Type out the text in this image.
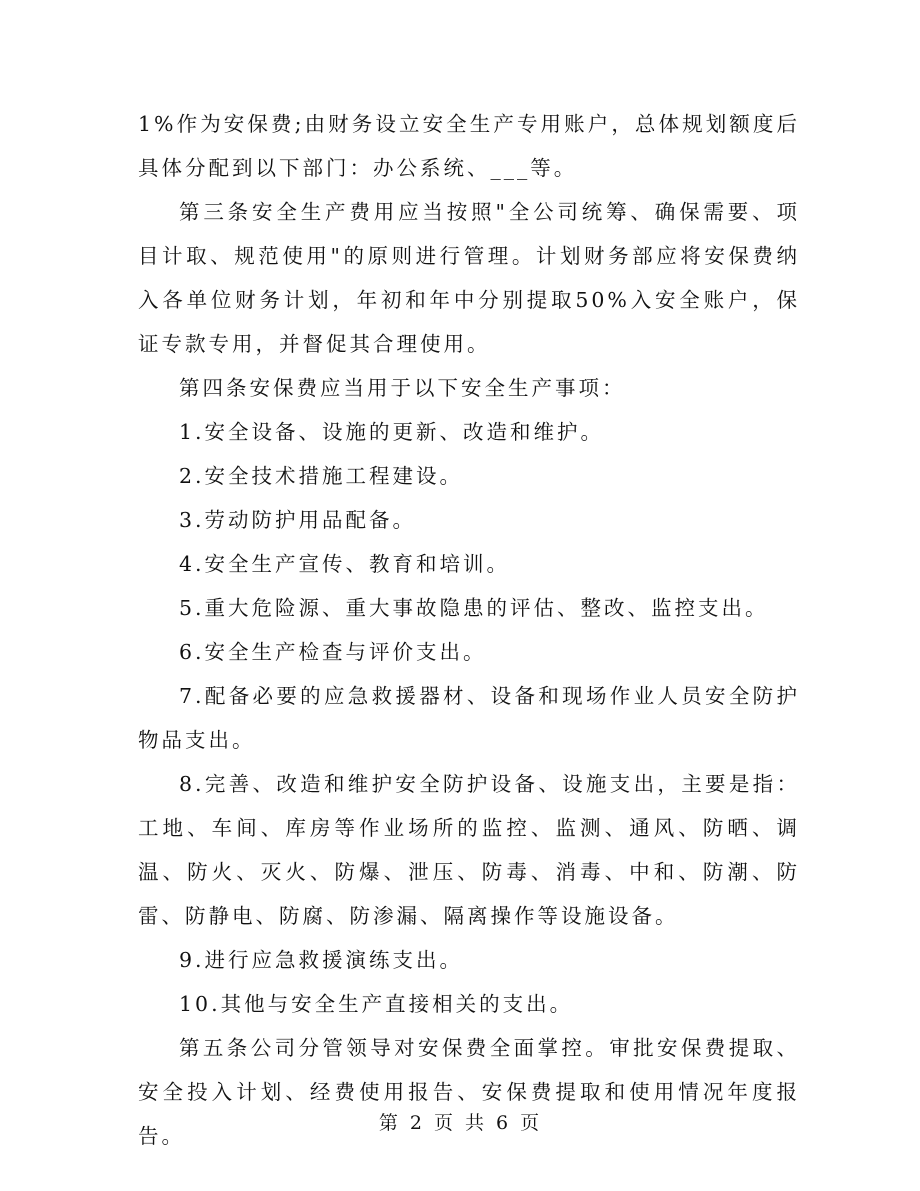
1%作为安保费;由财务设立安全生产专用账户，总体规划额度后具体分配到以下部门：办公系统、___等。

第三条安全生产费用应当按照"全公司统筹、确保需要、项目计取、规范使用"的原则进行管理。计划财务部应将安保费纳入各单位财务计划，年初和年中分别提取50%入安全账户，保证专款专用，并督促其合理使用。

第四条安保费应当用于以下安全生产事项：

1.安全设备、设施的更新、改造和维护。

2.安全技术措施工程建设。

3.劳动防护用品配备。

4.安全生产宣传、教育和培训。

5.重大危险源、重大事故隐患的评估、整改、监控支出。

6.安全生产检查与评价支出。

7.配备必要的应急救援器材、设备和现场作业人员安全防护物品支出。

8.完善、改造和维护安全防护设备、设施支出，主要是指：工地、车间、库房等作业场所的监控、监测、通风、防晒、调温、防火、灭火、防爆、泄压、防毒、消毒、中和、防潮、防雷、防静电、防腐、防渗漏、隔离操作等设施设备。

9.进行应急救援演练支出。

10.其他与安全生产直接相关的支出。

第五条公司分管领导对安保费全面掌控。审批安保费提取、安全投入计划、经费使用报告、安保费提取和使用情况年度报告。

第 2 页 共 6 页
